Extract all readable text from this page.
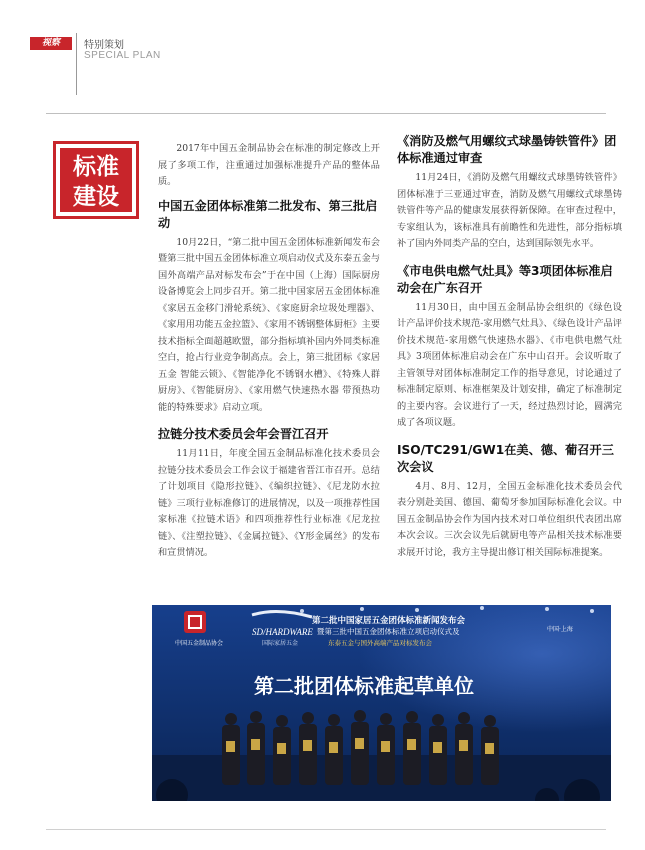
视察	特别策划
SPECIAL PLAN
标准
建设

2017年中国五金制品协会在标准的制定修改上开展了多项工作，注重通过加强标准提升产品的整体品质。

中国五金团体标准第二批发布、第三批启动

10月22日，“第二批中国五金团体标准新闻发布会暨第三批中国五金团体标准立项启动仪式及东泰五金与国外高端产品对标发布会”于在中国（上海）国际厨房设备博览会上同步召开。第二批中国家居五金团体标准《家居五金移门滑轮系统》、《家庭厨余垃圾处理器》、《家用用功能五金拉篮》、《家用不锈钢整体厨柜》主要技术指标全面超越欧盟，部分指标填补国内外同类标准空白，抢占行业竞争制高点。会上，第三批团标《家居五金 智能云锁》、《智能净化不锈钢水槽》、《特殊人群厨房》、《智能厨房》、《家用燃气快速热水器 带预热功能的特殊要求》启动立项。

拉链分技术委员会年会晋江召开

11月11日，年度全国五金制品标准化技术委员会拉链分技术委员会工作会议于福建省晋江市召开。总结了计划项目《隐形拉链》、《编织拉链》、《尼龙防水拉链》三项行业标准修订的进展情况，以及一项推荐性国家标准《拉链术语》和四项推荐性行业标准《尼龙拉链》、《注塑拉链》、《金属拉链》、《Y形金属丝》的发布和宣贯情况。

《消防及燃气用螺纹式球墨铸铁管件》团体标准通过审查

11月24日，《消防及燃气用螺纹式球墨铸铁管件》团体标准于三亚通过审查，消防及燃气用螺纹式球墨铸铁管件等产品的健康发展获得新保障。在审查过程中，专家组认为，该标准具有前瞻性和先进性，部分指标填补了国内外同类产品的空白，达到国际领先水平。

《市电供电燃气灶具》等3项团体标准启动会在广东召开

11月30日，由中国五金制品协会组织的《绿色设计产品评价技术规范-家用燃气灶具》、《绿色设计产品评价技术规范-家用燃气快速热水器》、《市电供电燃气灶具》3项团体标准启动会在广东中山召开。会议听取了主管领导对团体标准制定工作的指导意见，讨论通过了标准制定原则、标准框架及计划安排，确定了标准制定的主要内容。会议进行了一天，经过热烈讨论，圆满完成了各项议题。

ISO/TC291/GW1在美、德、葡召开三次会议

4月、8月、12月，全国五金标准化技术委员会代表分别赴美国、德国、葡萄牙参加国际标准化会议。中国五金制品协会作为国内技术对口单位组织代表团出席本次会议。三次会议先后就厨电等产品相关技术标准要求展开讨论，我方主导提出修订相关国际标准提案。

中国五金制品协会
SD/HARDWARE
国际家居五金
第二批中国家居五金团体标准新闻发布会
暨第三批中国五金团体标准立项启动仪式及
东泰五金与国外高端产品对标发布会
中国·上海
第二批团体标准起草单位
